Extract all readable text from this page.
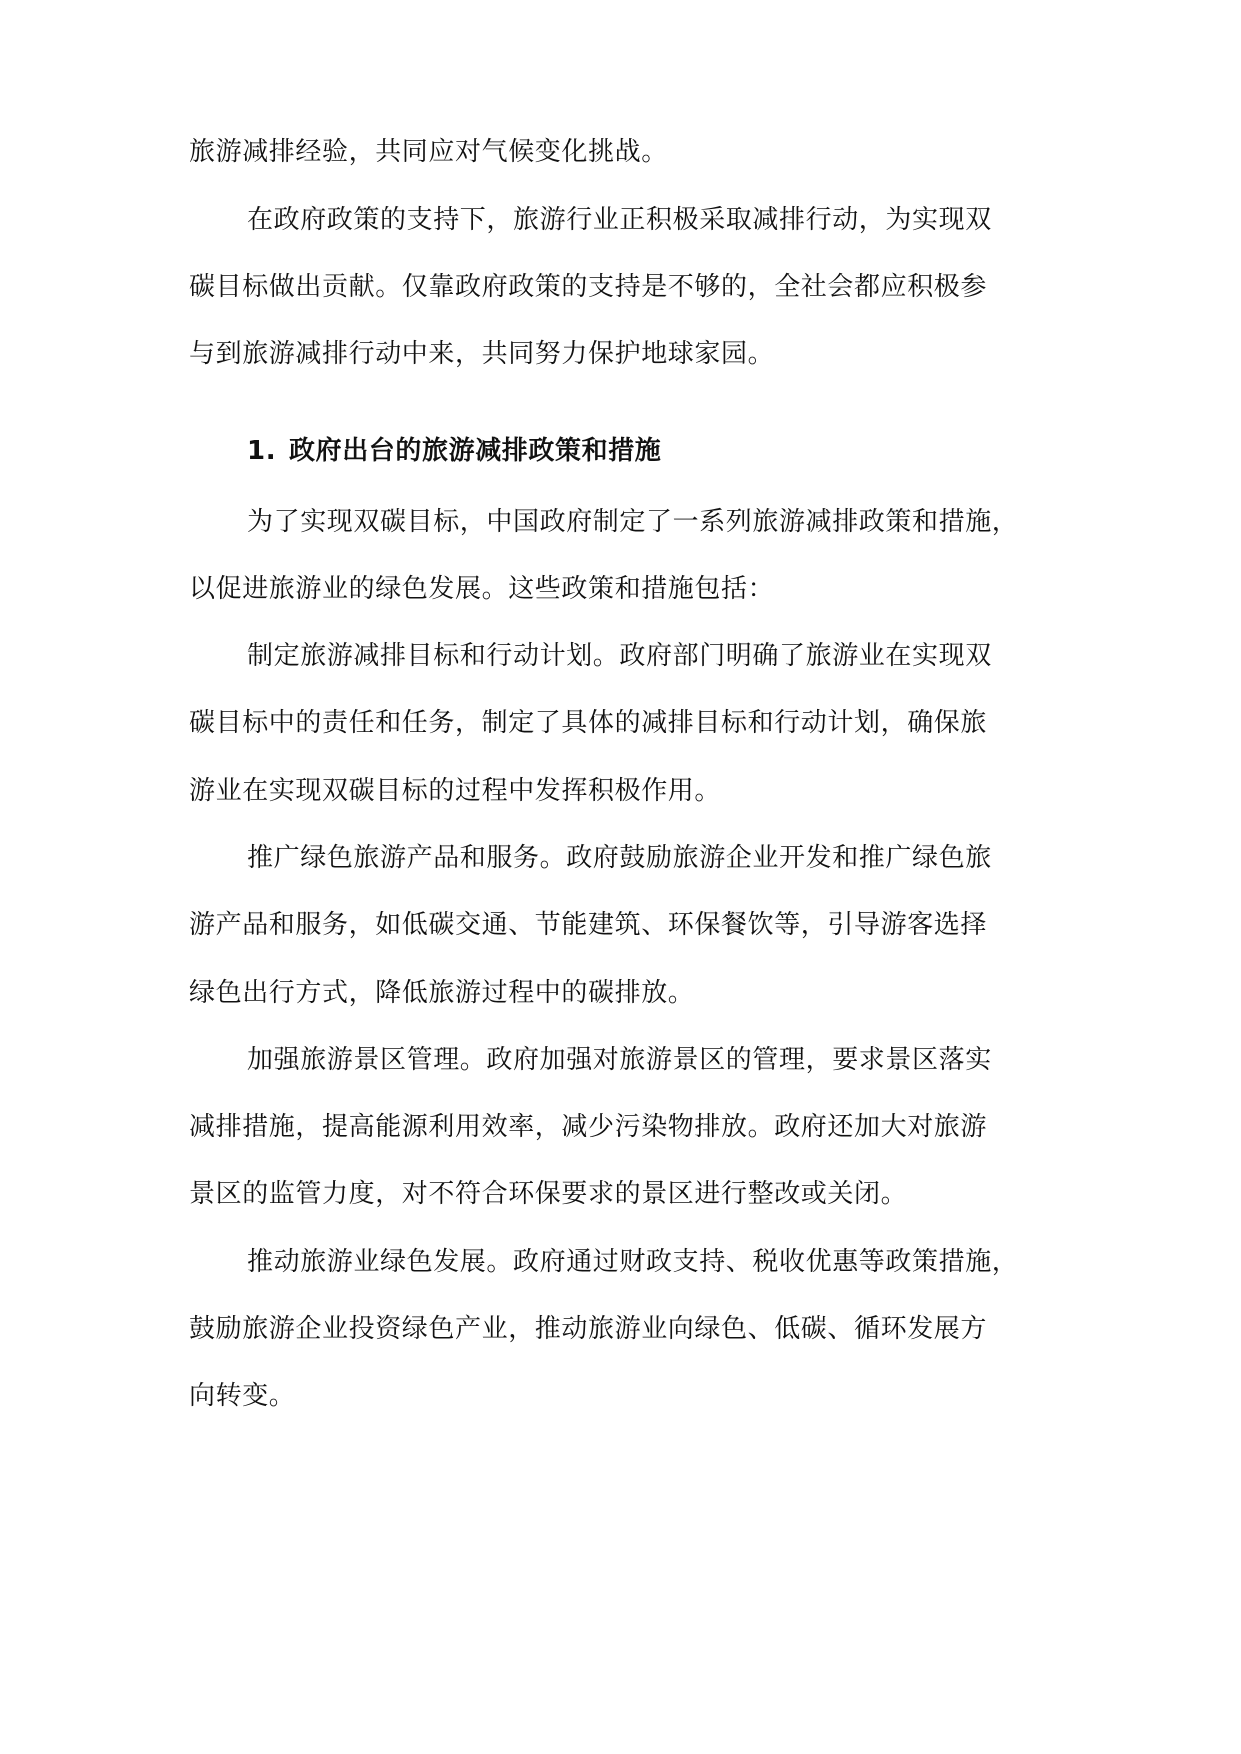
旅游减排经验，共同应对气候变化挑战。
在政府政策的支持下，旅游行业正积极采取减排行动，为实现双
碳目标做出贡献。仅靠政府政策的支持是不够的，全社会都应积极参
与到旅游减排行动中来，共同努力保护地球家园。
1. 政府出台的旅游减排政策和措施
为了实现双碳目标，中国政府制定了一系列旅游减排政策和措施，
以促进旅游业的绿色发展。这些政策和措施包括：
制定旅游减排目标和行动计划。政府部门明确了旅游业在实现双
碳目标中的责任和任务，制定了具体的减排目标和行动计划，确保旅
游业在实现双碳目标的过程中发挥积极作用。
推广绿色旅游产品和服务。政府鼓励旅游企业开发和推广绿色旅
游产品和服务，如低碳交通、节能建筑、环保餐饮等，引导游客选择
绿色出行方式，降低旅游过程中的碳排放。
加强旅游景区管理。政府加强对旅游景区的管理，要求景区落实
减排措施，提高能源利用效率，减少污染物排放。政府还加大对旅游
景区的监管力度，对不符合环保要求的景区进行整改或关闭。
推动旅游业绿色发展。政府通过财政支持、税收优惠等政策措施，
鼓励旅游企业投资绿色产业，推动旅游业向绿色、低碳、循环发展方
向转变。
